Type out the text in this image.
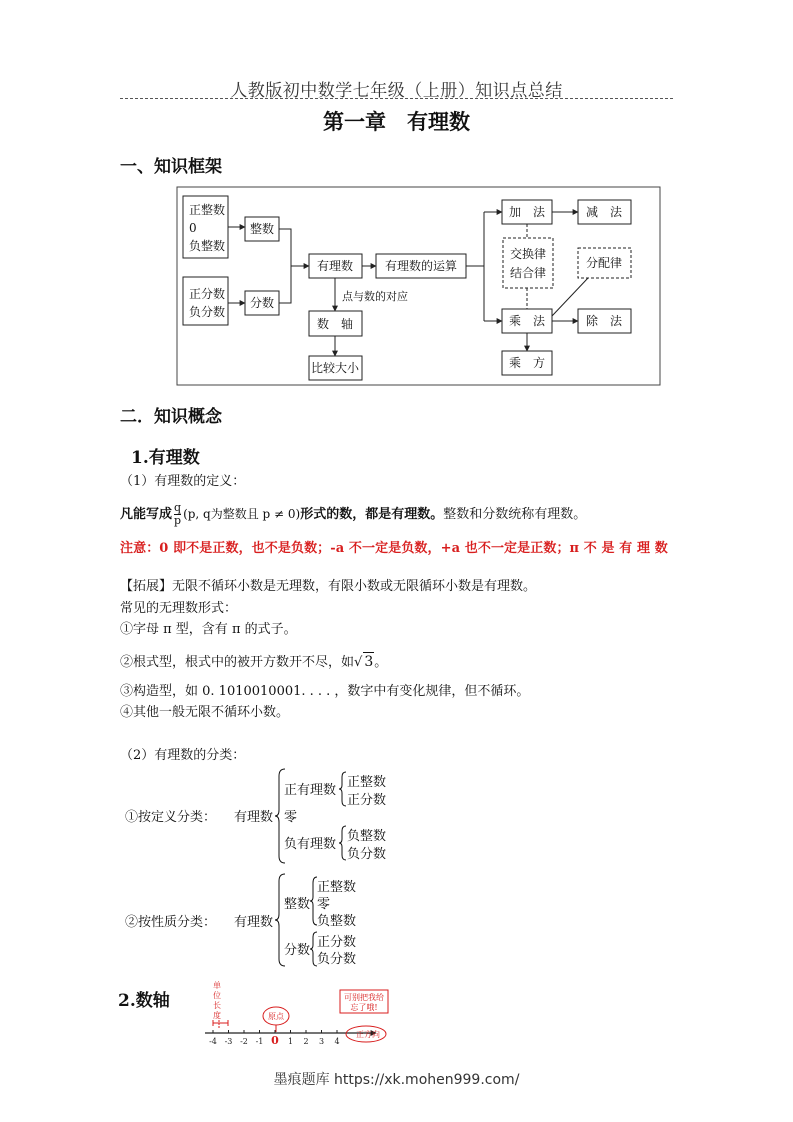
人教版初中数学七年级（上册）知识点总结
第一章　有理数
一、知识框架
正整数
0
负整数
整数
正分数
负分数
分数
有理数	有理数的运算
点与数的对应
数　轴
比较大小
加　法	减　法
交换律
结合律
分配律
乘　法	除　法
乘　方
二．知识概念
1.有理数
（1）有理数的定义：
凡能写成 $\frac{q}{p} (p$, q为整数且 p ≠ 0)形式的数，都是有理数。整数和分数统称有理数。
注意：0 即不是正数，也不是负数；-a 不一定是负数，+a 也不一定是正数；π 不 是 有 理 数
【拓展】无限不循环小数是无理数，有限小数或无限循环小数是有理数。
常见的无理数形式：
①字母 π 型，含有 π 的式子。
②根式型，根式中的被开方数开不尽，如√ 3。
③构造型，如 0. 1010010001. . . . ，数字中有变化规律，但不循环。
④其他一般无限不循环小数。
（2）有理数的分类：
①按定义分类： 有理数
正有理数
正整数
正分数
零
负有理数
负整数
负分数
②按性质分类： 有理数
整数
正整数
零
负整数
分数
正分数
负分数
2.数轴
单
位
长
度
-4 -3 -2 -1 0 1 2 3 4
原点
可别把我给
忘了哦!
正方向
墨痕题库 https://xk.mohen999.com/
